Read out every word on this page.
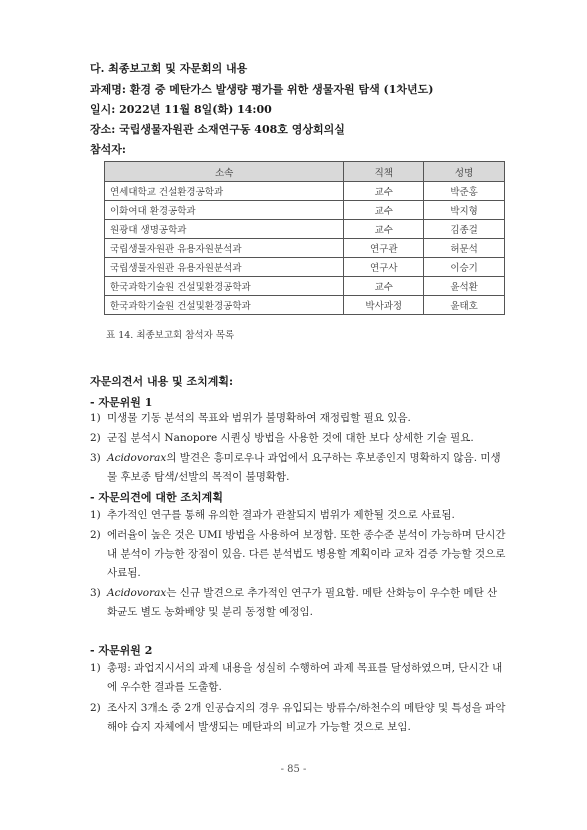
다. 최종보고회 및 자문회의 내용
과제명: 환경 중 메탄가스 발생량 평가를 위한 생물자원 탐색 (1차년도)
일시: 2022년 11월 8일(화) 14:00
장소: 국립생물자원관 소재연구동 408호 영상회의실
참석자:
소속	직책	성명
연세대학교 건설환경공학과	교수	박준홍
이화여대 환경공학과	교수	박지형
원광대 생명공학과	교수	김종걸
국립생물자원관 유용자원분석과	연구관	허문석
국립생물자원관 유용자원분석과	연구사	이승기
한국과학기술원 건설및환경공학과	교수	윤석환
한국과학기술원 건설및환경공학과	박사과정	윤태호
표 14. 최종보고회 참석자 목록
자문의견서 내용 및 조치계획:
- 자문위원 1
1) 미생물 기동 분석의 목표와 범위가 불명확하여 재정립할 필요 있음.
2) 군집 분석시 Nanopore 시퀀싱 방법을 사용한 것에 대한 보다 상세한 기술 필요.
3) Acidovorax의 발견은 흥미로우나 과업에서 요구하는 후보종인지 명확하지 않음. 미생물 후보종 탐색/선발의 목적이 불명확함.
- 자문의견에 대한 조치계획
1) 추가적인 연구를 통해 유의한 결과가 관찰되지 범위가 제한될 것으로 사료됨.
2) 에러율이 높은 것은 UMI 방법을 사용하여 보정함. 또한 종수준 분석이 가능하며 단시간 내 분석이 가능한 장점이 있음. 다른 분석법도 병용할 계획이라 교차 검증 가능할 것으로 사료됨.
3) Acidovorax는 신규 발견으로 추가적인 연구가 필요함. 메탄 산화능이 우수한 메탄 산화균도 별도 농화배양 및 분리 동정할 예정임.
- 자문위원 2
1) 총평: 과업지시서의 과제 내용을 성실히 수행하여 과제 목표를 달성하였으며, 단시간 내에 우수한 결과를 도출함.
2) 조사지 3개소 중 2개 인공습지의 경우 유입되는 방류수/하천수의 메탄양 및 특성을 파악해야 습지 자체에서 발생되는 메탄과의 비교가 가능할 것으로 보임.
- 85 -
